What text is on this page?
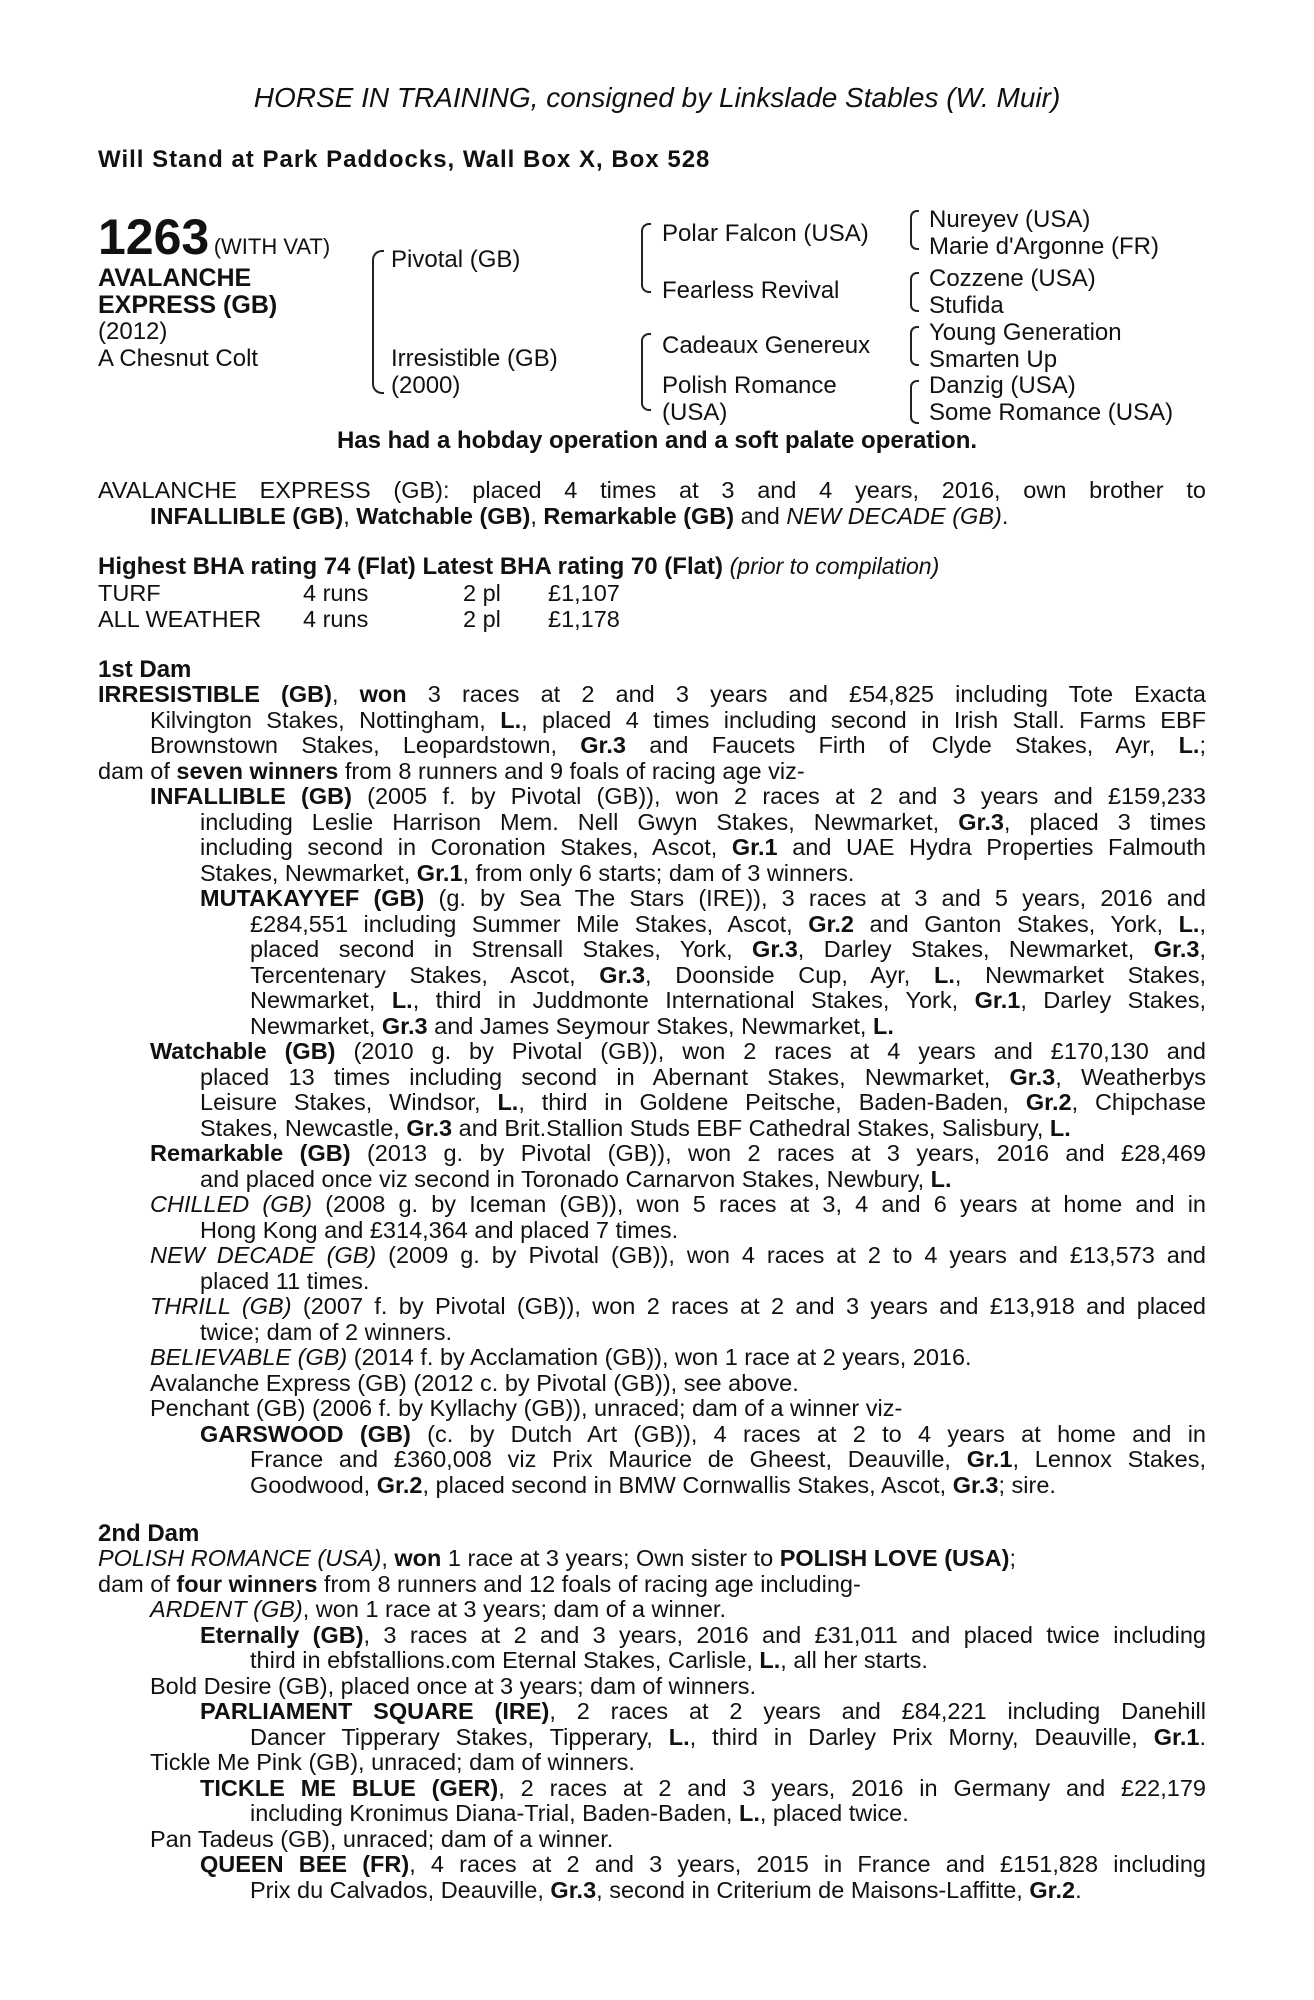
HORSE IN TRAINING, consigned by Linkslade Stables (W. Muir)
Will Stand at Park Paddocks, Wall Box X, Box 528
1263 (WITH VAT)
AVALANCHE
EXPRESS (GB)
(2012)
A Chesnut Colt
Pivotal (GB)
Irresistible (GB)
(2000)
Polar Falcon (USA)
Fearless Revival
Cadeaux Genereux
Polish Romance
(USA)
Nureyev (USA)
Marie d'Argonne (FR)
Cozzene (USA)
Stufida
Young Generation
Smarten Up
Danzig (USA)
Some Romance (USA)
Has had a hobday operation and a soft palate operation.
AVALANCHE EXPRESS (GB): placed 4 times at 3 and 4 years, 2016, own brother to
INFALLIBLE (GB), Watchable (GB), Remarkable (GB) and NEW DECADE (GB).
Highest BHA rating 74 (Flat) Latest BHA rating 70 (Flat) (prior to compilation)
TURF	4 runs	2 pl £1,107
ALL WEATHER 4 runs	2 pl £1,178
1st Dam
IRRESISTIBLE (GB), won 3 races at 2 and 3 years and £54,825 including Tote Exacta
Kilvington Stakes, Nottingham, L., placed 4 times including second in Irish Stall. Farms EBF
Brownstown Stakes, Leopardstown, Gr.3 and Faucets Firth of Clyde Stakes, Ayr, L.;
dam of seven winners from 8 runners and 9 foals of racing age viz-
INFALLIBLE (GB) (2005 f. by Pivotal (GB)), won 2 races at 2 and 3 years and £159,233
including Leslie Harrison Mem. Nell Gwyn Stakes, Newmarket, Gr.3, placed 3 times
including second in Coronation Stakes, Ascot, Gr.1 and UAE Hydra Properties Falmouth
Stakes, Newmarket, Gr.1, from only 6 starts; dam of 3 winners.
MUTAKAYYEF (GB) (g. by Sea The Stars (IRE)), 3 races at 3 and 5 years, 2016 and
£284,551 including Summer Mile Stakes, Ascot, Gr.2 and Ganton Stakes, York, L.,
placed second in Strensall Stakes, York, Gr.3, Darley Stakes, Newmarket, Gr.3,
Tercentenary Stakes, Ascot, Gr.3, Doonside Cup, Ayr, L., Newmarket Stakes,
Newmarket, L., third in Juddmonte International Stakes, York, Gr.1, Darley Stakes,
Newmarket, Gr.3 and James Seymour Stakes, Newmarket, L.
Watchable (GB) (2010 g. by Pivotal (GB)), won 2 races at 4 years and £170,130 and
placed 13 times including second in Abernant Stakes, Newmarket, Gr.3, Weatherbys
Leisure Stakes, Windsor, L., third in Goldene Peitsche, Baden-Baden, Gr.2, Chipchase
Stakes, Newcastle, Gr.3 and Brit.Stallion Studs EBF Cathedral Stakes, Salisbury, L.
Remarkable (GB) (2013 g. by Pivotal (GB)), won 2 races at 3 years, 2016 and £28,469
and placed once viz second in Toronado Carnarvon Stakes, Newbury, L.
CHILLED (GB) (2008 g. by Iceman (GB)), won 5 races at 3, 4 and 6 years at home and in
Hong Kong and £314,364 and placed 7 times.
NEW DECADE (GB) (2009 g. by Pivotal (GB)), won 4 races at 2 to 4 years and £13,573 and
placed 11 times.
THRILL (GB) (2007 f. by Pivotal (GB)), won 2 races at 2 and 3 years and £13,918 and placed
twice; dam of 2 winners.
BELIEVABLE (GB) (2014 f. by Acclamation (GB)), won 1 race at 2 years, 2016.
Avalanche Express (GB) (2012 c. by Pivotal (GB)), see above.
Penchant (GB) (2006 f. by Kyllachy (GB)), unraced; dam of a winner viz-
GARSWOOD (GB) (c. by Dutch Art (GB)), 4 races at 2 to 4 years at home and in
France and £360,008 viz Prix Maurice de Gheest, Deauville, Gr.1, Lennox Stakes,
Goodwood, Gr.2, placed second in BMW Cornwallis Stakes, Ascot, Gr.3; sire.
2nd Dam
POLISH ROMANCE (USA), won 1 race at 3 years; Own sister to POLISH LOVE (USA);
dam of four winners from 8 runners and 12 foals of racing age including-
ARDENT (GB), won 1 race at 3 years; dam of a winner.
Eternally (GB), 3 races at 2 and 3 years, 2016 and £31,011 and placed twice including
third in ebfstallions.com Eternal Stakes, Carlisle, L., all her starts.
Bold Desire (GB), placed once at 3 years; dam of winners.
PARLIAMENT SQUARE (IRE), 2 races at 2 years and £84,221 including Danehill
Dancer Tipperary Stakes, Tipperary, L., third in Darley Prix Morny, Deauville, Gr.1.
Tickle Me Pink (GB), unraced; dam of winners.
TICKLE ME BLUE (GER), 2 races at 2 and 3 years, 2016 in Germany and £22,179
including Kronimus Diana-Trial, Baden-Baden, L., placed twice.
Pan Tadeus (GB), unraced; dam of a winner.
QUEEN BEE (FR), 4 races at 2 and 3 years, 2015 in France and £151,828 including
Prix du Calvados, Deauville, Gr.3, second in Criterium de Maisons-Laffitte, Gr.2.
